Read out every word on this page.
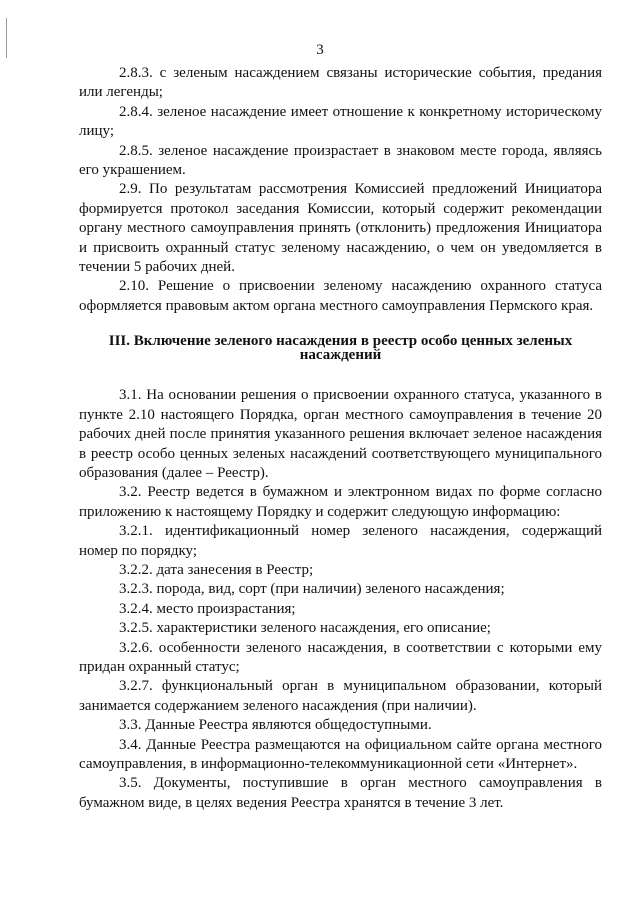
3

2.8.3. с зеленым насаждением связаны исторические события, предания или легенды;

2.8.4. зеленое насаждение имеет отношение к конкретному историческому лицу;

2.8.5. зеленое насаждение произрастает в знаковом месте города, являясь его украшением.

2.9. По результатам рассмотрения Комиссией предложений Инициатора формируется протокол заседания Комиссии, который содержит рекомендации органу местного самоуправления принять (отклонить) предложения Инициатора и присвоить охранный статус зеленому насаждению, о чем он уведомляется в течении 5 рабочих дней.

2.10. Решение о присвоении зеленому насаждению охранного статуса оформляется правовым актом органа местного самоуправления Пермского края.

III. Включение зеленого насаждения в реестр особо ценных зеленых насаждений

3.1. На основании решения о присвоении охранного статуса, указанного в пункте 2.10 настоящего Порядка, орган местного самоуправления в течение 20 рабочих дней после принятия указанного решения включает зеленое насаждения в реестр особо ценных зеленых насаждений соответствующего муниципального образования (далее – Реестр).

3.2. Реестр ведется в бумажном и электронном видах по форме согласно приложению к настоящему Порядку и содержит следующую информацию:

3.2.1. идентификационный номер зеленого насаждения, содержащий номер по порядку;

3.2.2. дата занесения в Реестр;

3.2.3. порода, вид, сорт (при наличии) зеленого насаждения;

3.2.4. место произрастания;

3.2.5. характеристики зеленого насаждения, его описание;

3.2.6. особенности зеленого насаждения, в соответствии с которыми ему придан охранный статус;

3.2.7. функциональный орган в муниципальном образовании, который занимается содержанием зеленого насаждения (при наличии).

3.3. Данные Реестра являются общедоступными.

3.4. Данные Реестра размещаются на официальном сайте органа местного самоуправления, в информационно-телекоммуникационной сети «Интернет».

3.5. Документы, поступившие в орган местного самоуправления в бумажном виде, в целях ведения Реестра хранятся в течение 3 лет.
